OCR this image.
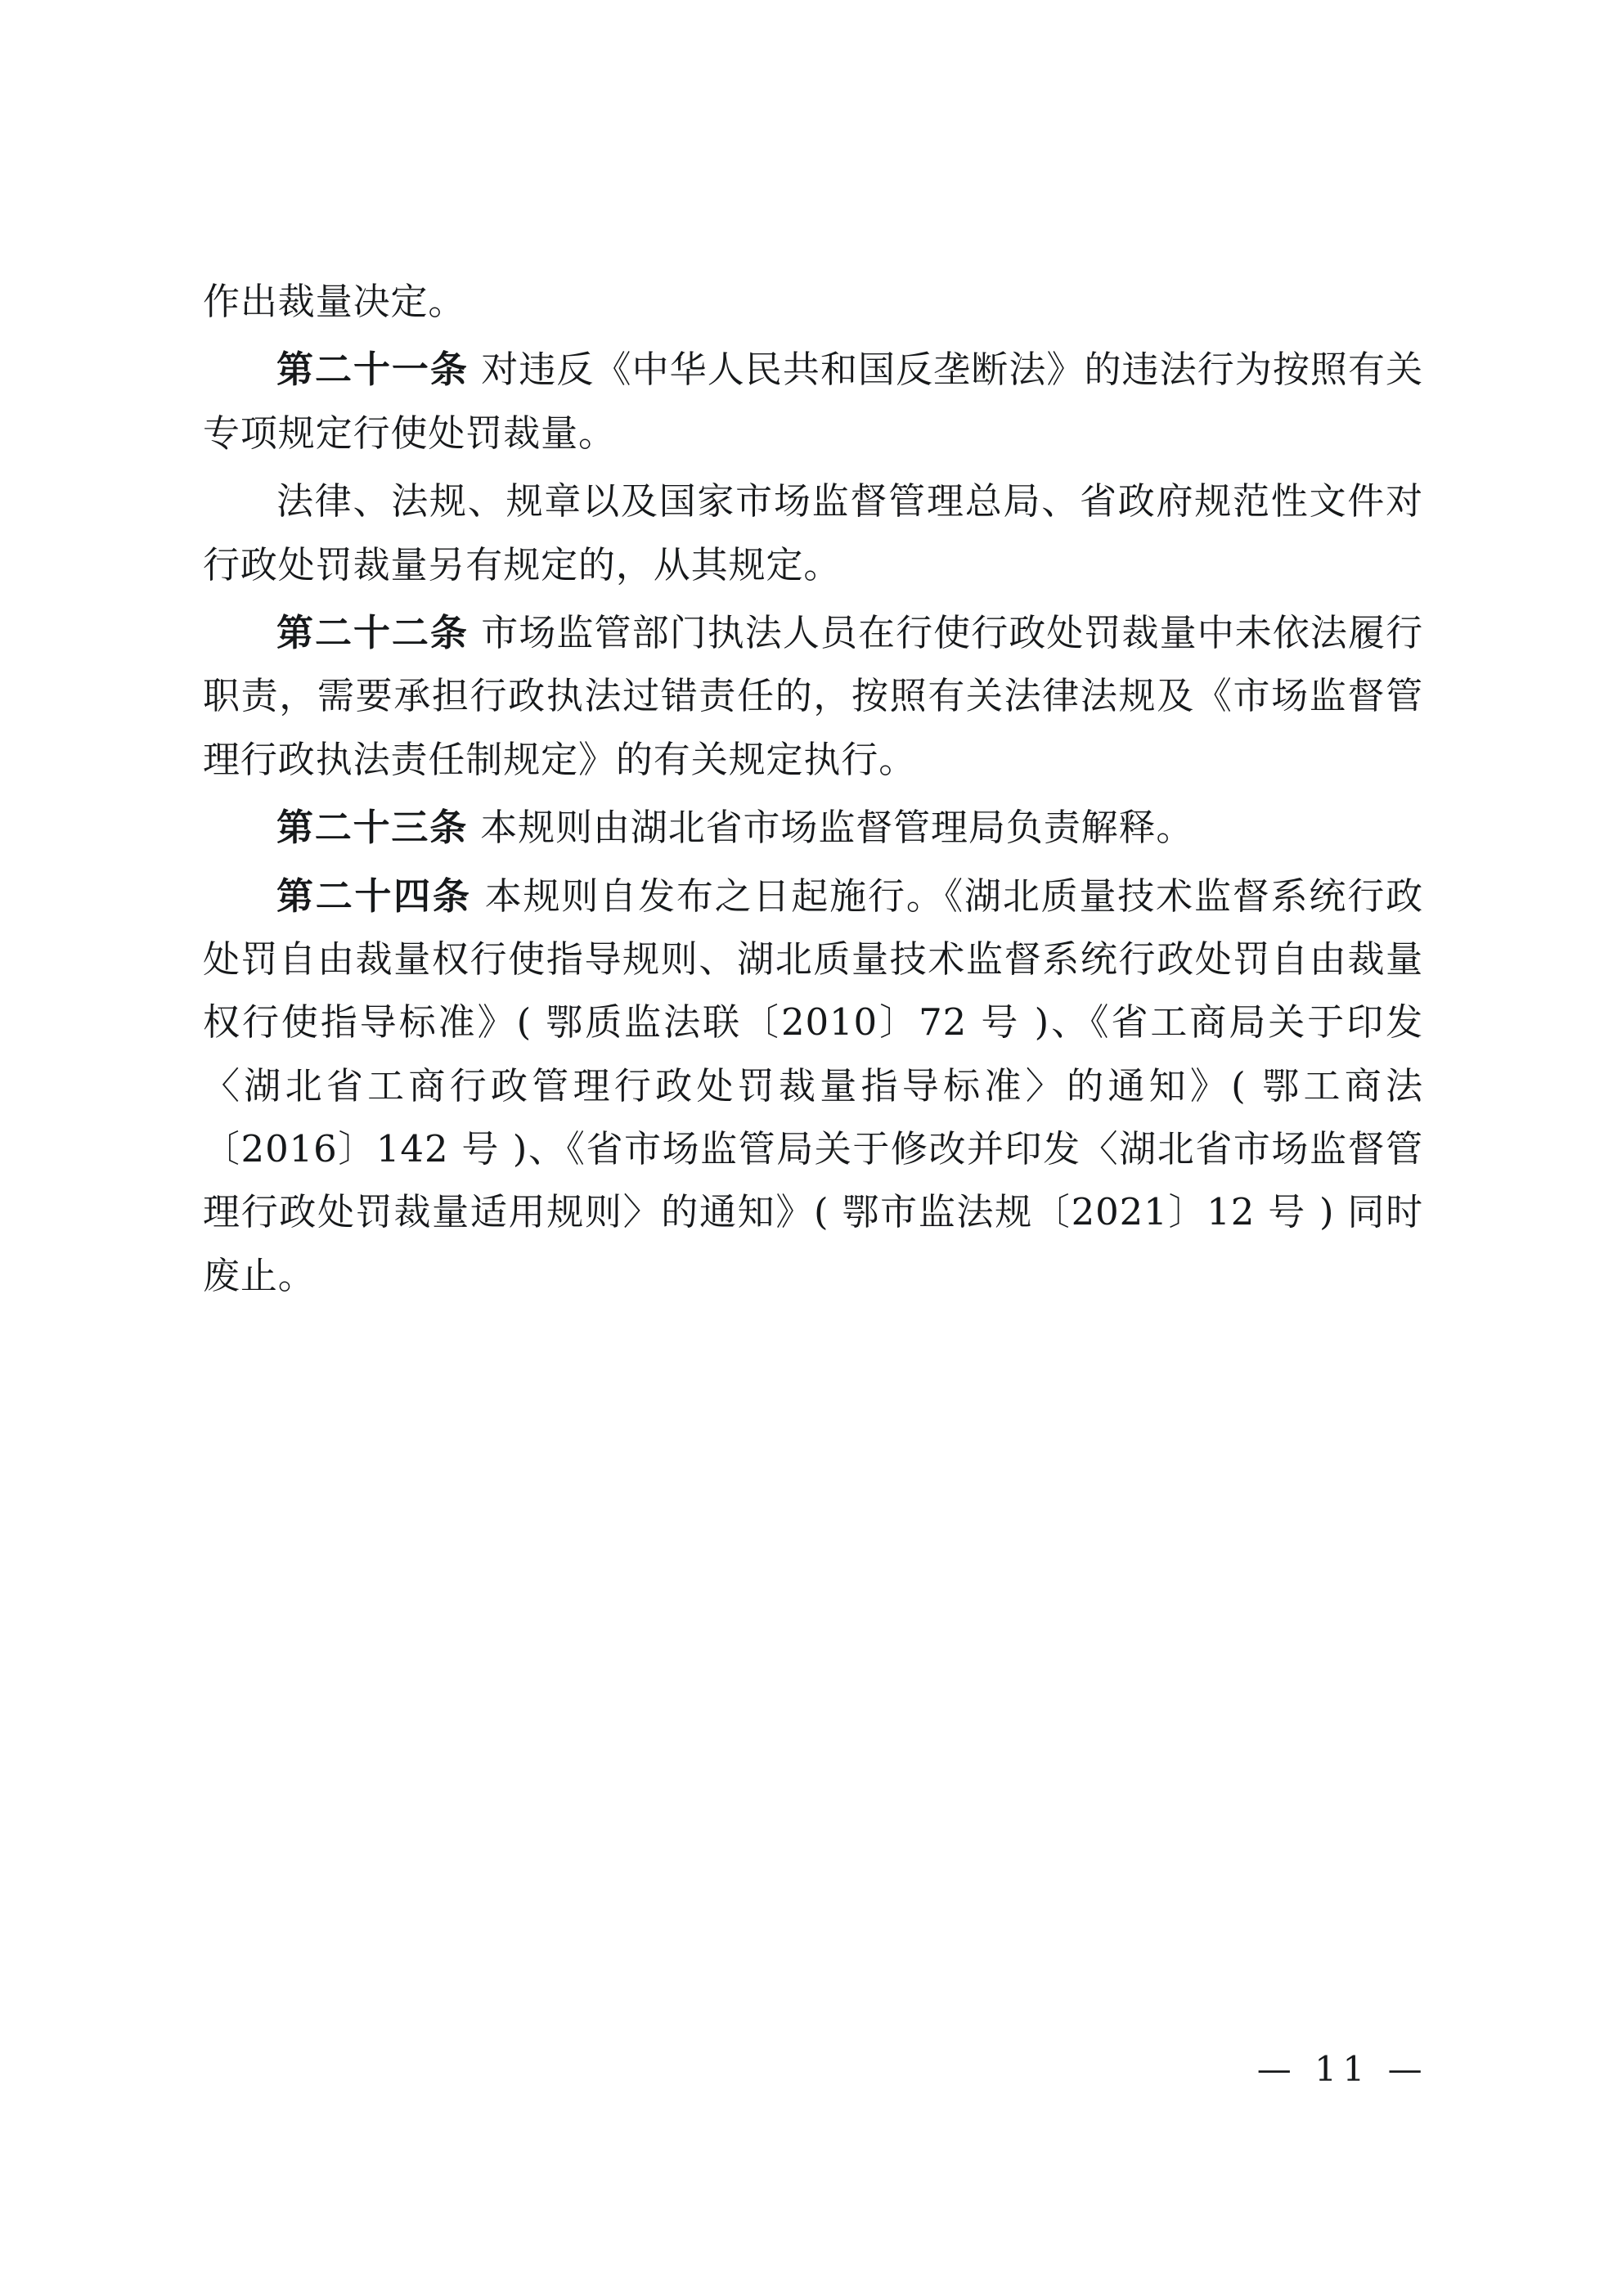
作出裁量决定。

第二十一条 对违反《中华人民共和国反垄断法》的违法行为按照有关专项规定行使处罚裁量。

法律、法规、规章以及国家市场监督管理总局、省政府规范性文件对行政处罚裁量另有规定的，从其规定。

第二十二条 市场监管部门执法人员在行使行政处罚裁量中未依法履行职责，需要承担行政执法过错责任的，按照有关法律法规及《市场监督管理行政执法责任制规定》的有关规定执行。

第二十三条 本规则由湖北省市场监督管理局负责解释。

第二十四条 本规则自发布之日起施行。《湖北质量技术监督系统行政处罚自由裁量权行使指导规则、湖北质量技术监督系统行政处罚自由裁量权行使指导标准》( 鄂质监法联〔2010〕72 号 )、《省工商局关于印发〈湖北省工商行政管理行政处罚裁量指导标准〉的通知》( 鄂工商法〔2016〕142 号 )、《省市场监管局关于修改并印发〈湖北省市场监督管理行政处罚裁量适用规则〉的通知》( 鄂市监法规〔2021〕12 号 ) 同时废止。

— 11 —
